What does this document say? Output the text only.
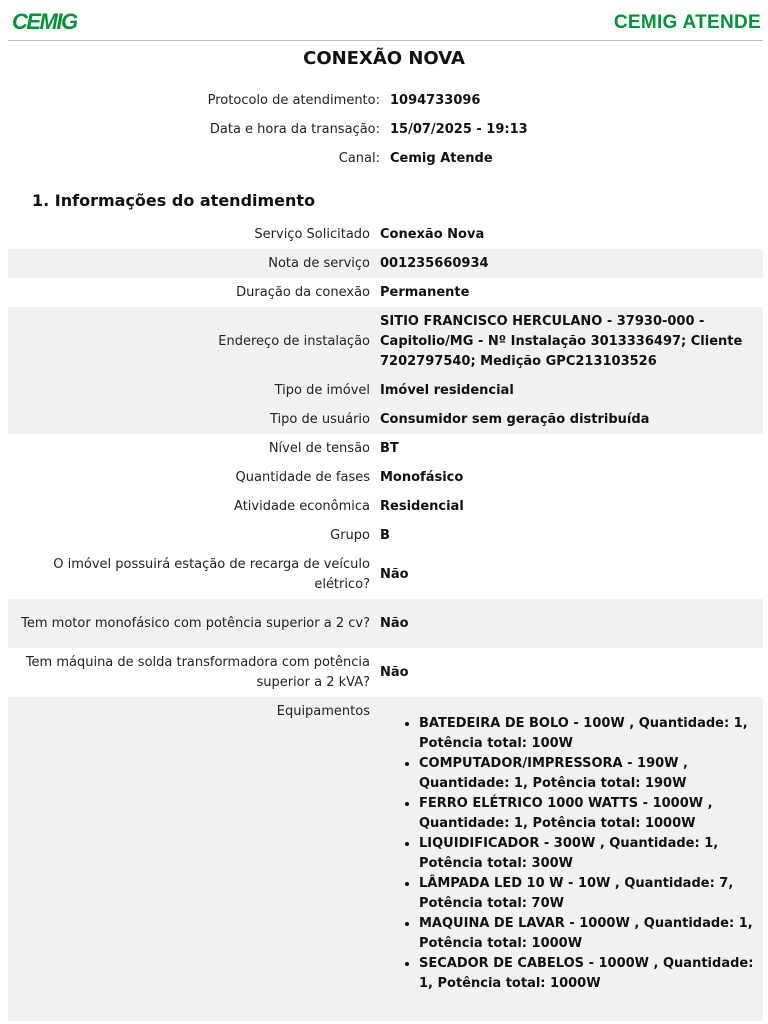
CEMIG	CEMIG ATENDE
CONEXÃO NOVA
Protocolo de atendimento: 1094733096
Data e hora da transação: 15/07/2025 - 19:13
Canal: Cemig Atende
1. Informações do atendimento
Serviço Solicitado Conexão Nova
Nota de serviço 001235660934
Duração da conexão Permanente
Endereço de instalação
SITIO FRANCISCO HERCULANO - 37930-000 - Capitolio/MG - Nº Instalação 3013336497; Cliente 7202797540; Medição GPC213103526
Tipo de imóvel Imóvel residencial
Tipo de usuário Consumidor sem geração distribuída
Nível de tensão BT
Quantidade de fases Monofásico
Atividade econômica Residencial
Grupo B
O imóvel possuirá estação de recarga de veículo elétrico?
Não
Tem motor monofásico com potência superior a 2 cv? Não
Tem máquina de solda transformadora com potência superior a 2 kVA?
Não
Equipamentos
• BATEDEIRA DE BOLO - 100W , Quantidade: 1, Potência total: 100W
• COMPUTADOR/IMPRESSORA - 190W , Quantidade: 1, Potência total: 190W
• FERRO ELÉTRICO 1000 WATTS - 1000W , Quantidade: 1, Potência total: 1000W
• LIQUIDIFICADOR - 300W , Quantidade: 1, Potência total: 300W
• LÂMPADA LED 10 W - 10W , Quantidade: 7, Potência total: 70W
• MAQUINA DE LAVAR - 1000W , Quantidade: 1, Potência total: 1000W
• SECADOR DE CABELOS - 1000W , Quantidade: 1, Potência total: 1000W
